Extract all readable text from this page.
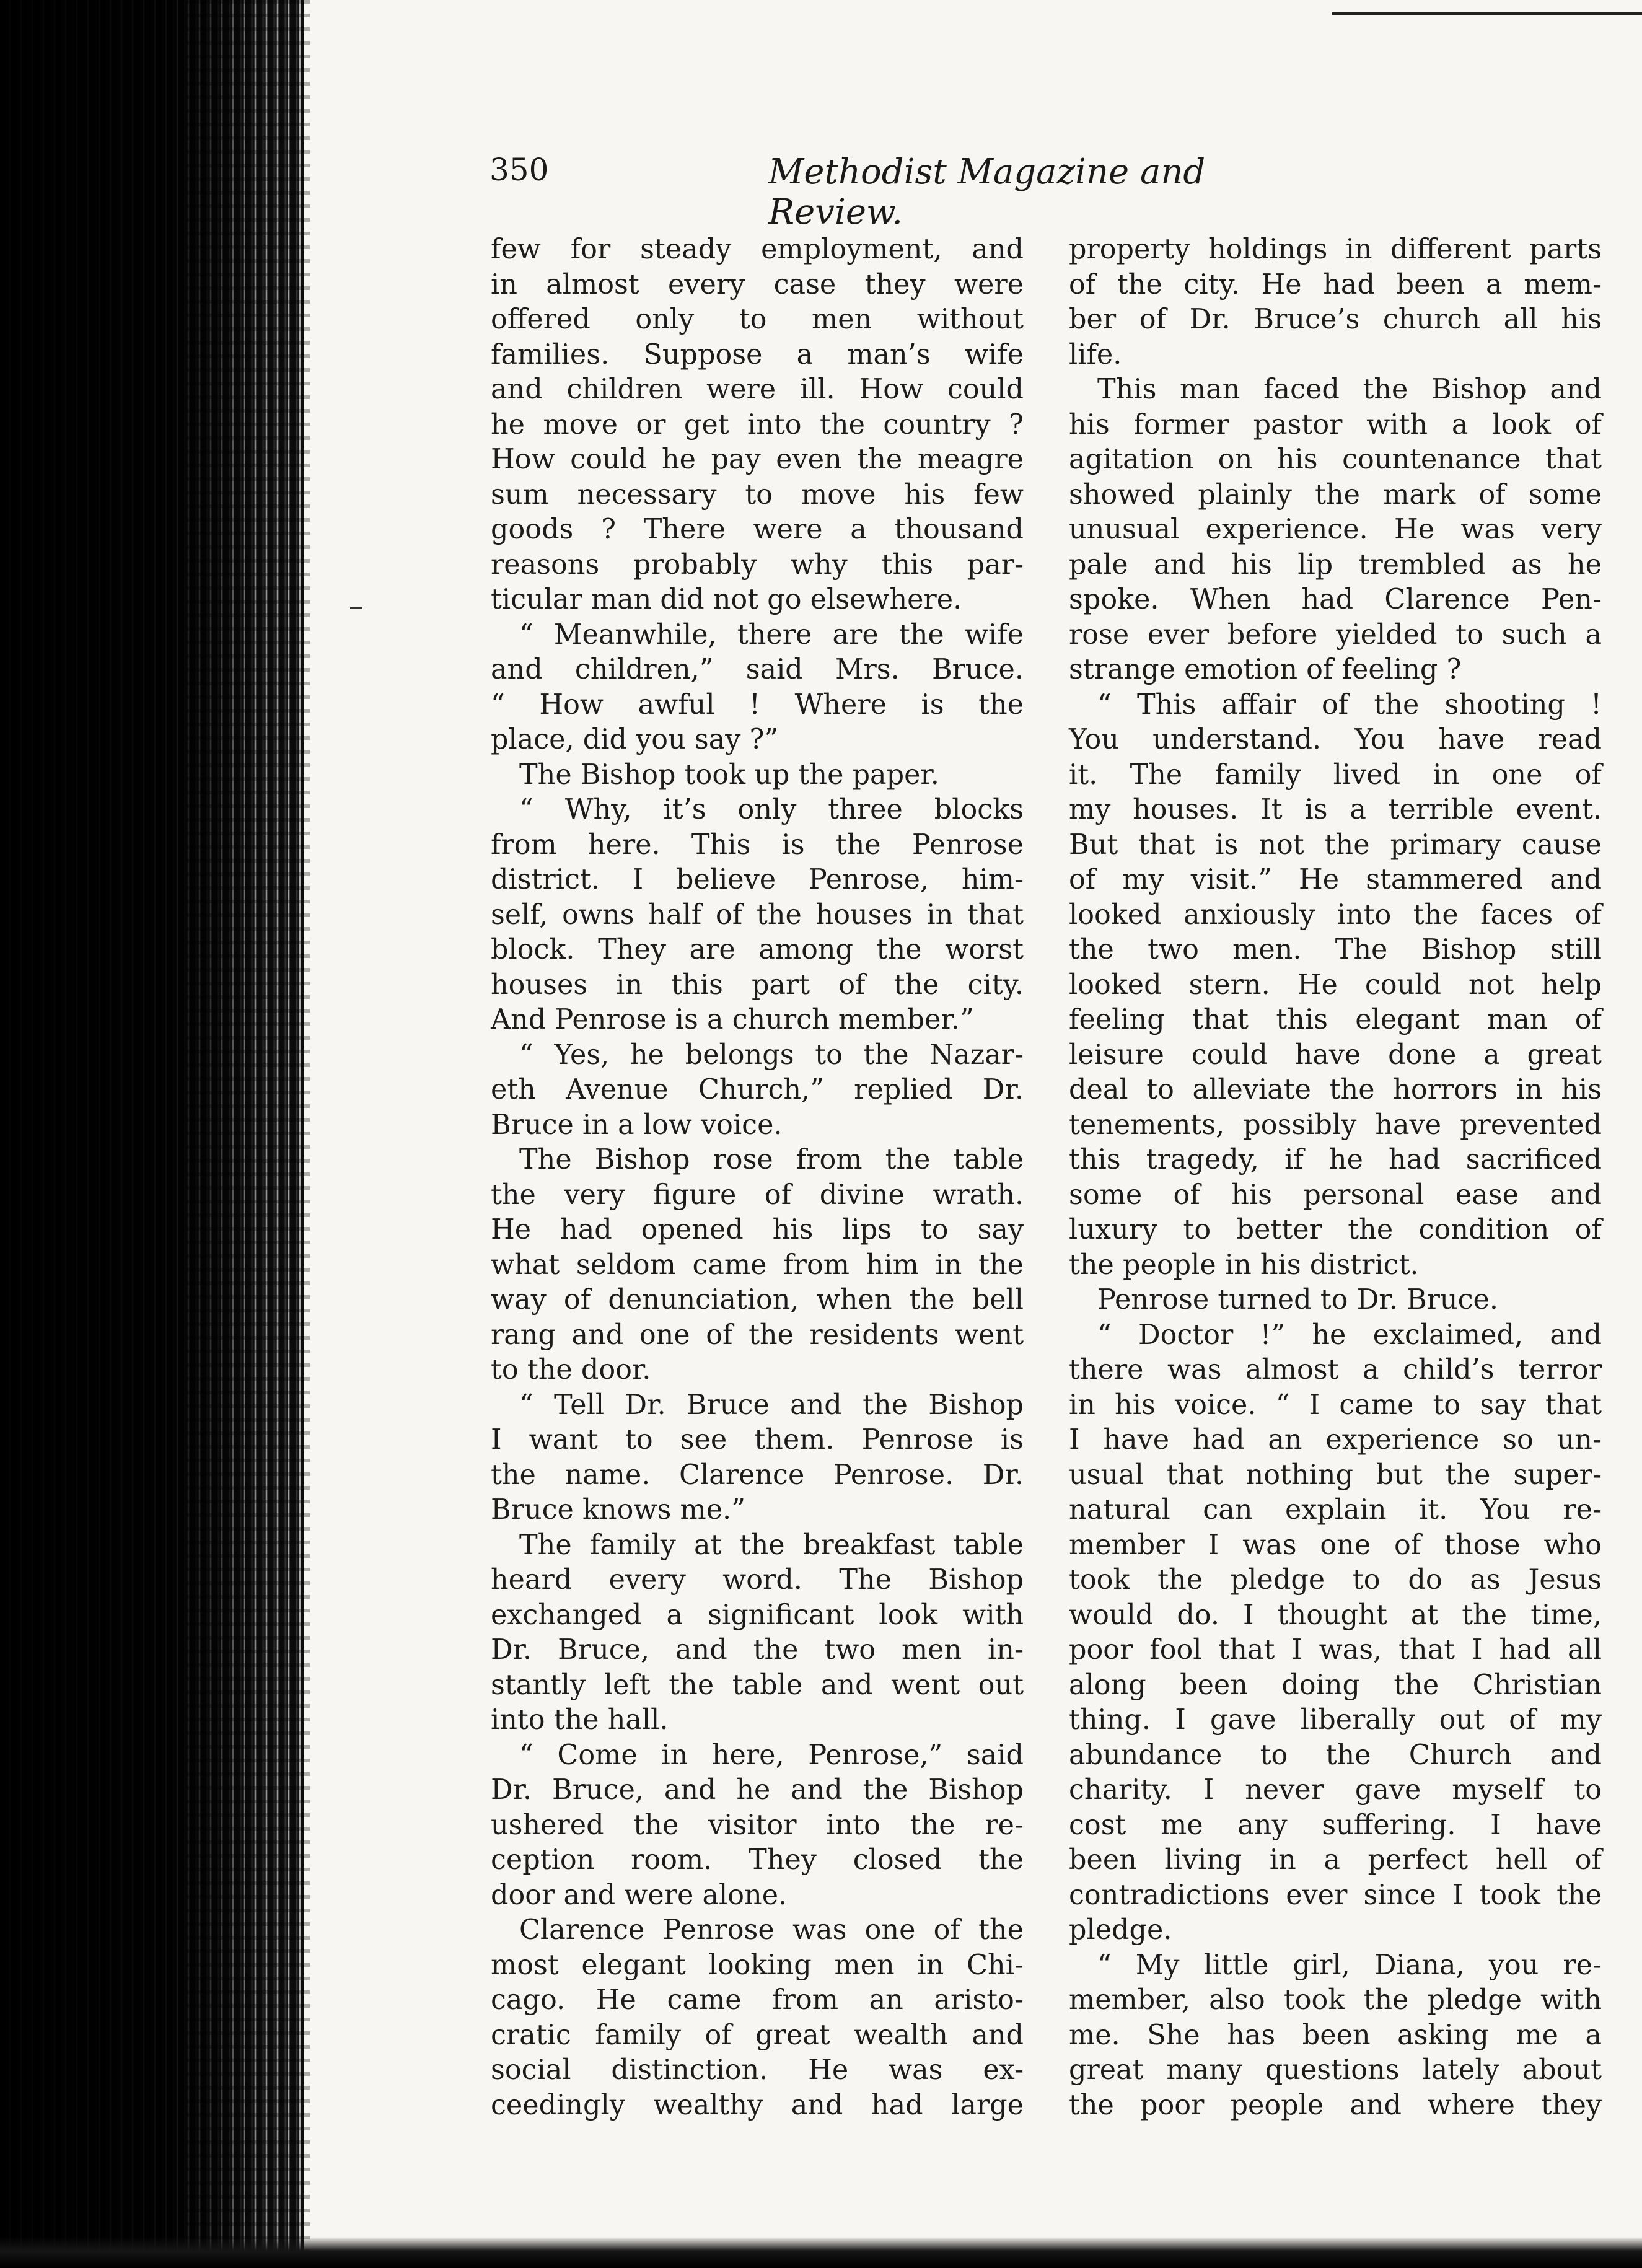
350	Methodist Magazine and Review.
few for steady employment, and
in almost every case they were
offered only to men without
families. Suppose a man’s wife
and children were ill. How could
he move or get into the country ?
How could he pay even the meagre
sum necessary to move his few
goods ? There were a thousand
reasons probably why this par-
ticular man did not go elsewhere.
“ Meanwhile, there are the wife
and children,” said Mrs. Bruce.
“ How awful ! Where is the
place, did you say ?”
The Bishop took up the paper.
“ Why, it’s only three blocks
from here. This is the Penrose
district. I believe Penrose, him-
self, owns half of the houses in that
block. They are among the worst
houses in this part of the city.
And Penrose is a church member.”
“ Yes, he belongs to the Nazar-
eth Avenue Church,” replied Dr.
Bruce in a low voice.
The Bishop rose from the table
the very figure of divine wrath.
He had opened his lips to say
what seldom came from him in the
way of denunciation, when the bell
rang and one of the residents went
to the door.
“ Tell Dr. Bruce and the Bishop
I want to see them. Penrose is
the name. Clarence Penrose. Dr.
Bruce knows me.”
The family at the breakfast table
heard every word. The Bishop
exchanged a significant look with
Dr. Bruce, and the two men in-
stantly left the table and went out
into the hall.
“ Come in here, Penrose,” said
Dr. Bruce, and he and the Bishop
ushered the visitor into the re-
ception room. They closed the
door and were alone.
Clarence Penrose was one of the
most elegant looking men in Chi-
cago. He came from an aristo-
cratic family of great wealth and
social distinction. He was ex-
ceedingly wealthy and had large
property holdings in different parts
of the city. He had been a mem-
ber of Dr. Bruce’s church all his
life.
This man faced the Bishop and
his former pastor with a look of
agitation on his countenance that
showed plainly the mark of some
unusual experience. He was very
pale and his lip trembled as he
spoke. When had Clarence Pen-
rose ever before yielded to such a
strange emotion of feeling ?
“ This affair of the shooting !
You understand. You have read
it. The family lived in one of
my houses. It is a terrible event.
But that is not the primary cause
of my visit.” He stammered and
looked anxiously into the faces of
the two men. The Bishop still
looked stern. He could not help
feeling that this elegant man of
leisure could have done a great
deal to alleviate the horrors in his
tenements, possibly have prevented
this tragedy, if he had sacrificed
some of his personal ease and
luxury to better the condition of
the people in his district.
Penrose turned to Dr. Bruce.
“ Doctor !” he exclaimed, and
there was almost a child’s terror
in his voice. “ I came to say that
I have had an experience so un-
usual that nothing but the super-
natural can explain it. You re-
member I was one of those who
took the pledge to do as Jesus
would do. I thought at the time,
poor fool that I was, that I had all
along been doing the Christian
thing. I gave liberally out of my
abundance to the Church and
charity. I never gave myself to
cost me any suffering. I have
been living in a perfect hell of
contradictions ever since I took the
pledge.
“ My little girl, Diana, you re-
member, also took the pledge with
me. She has been asking me a
great many questions lately about
the poor people and where they
